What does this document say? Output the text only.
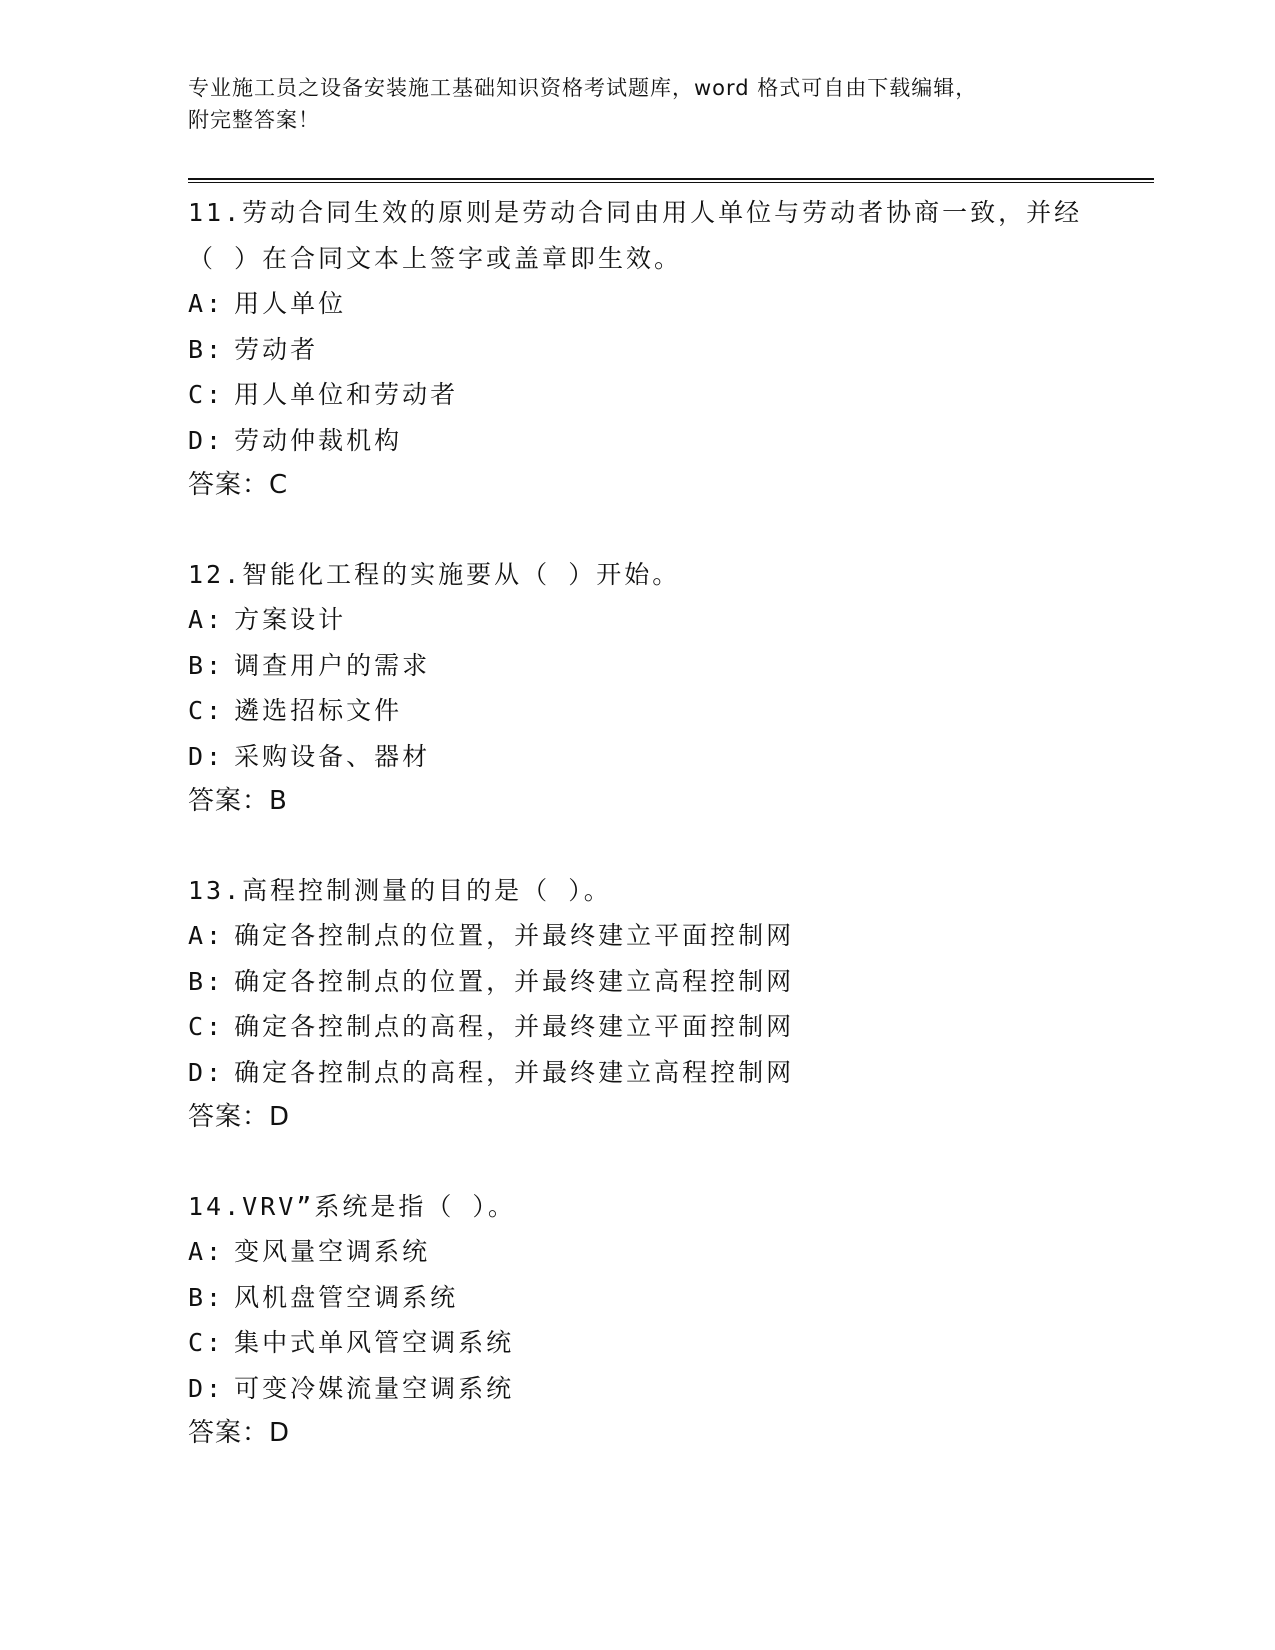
专业施工员之设备安装施工基础知识资格考试题库，word 格式可自由下载编辑，
附完整答案！
11.劳动合同生效的原则是劳动合同由用人单位与劳动者协商一致，并经（ ）在合同文本上签字或盖章即生效。
A: 用人单位
B: 劳动者
C: 用人单位和劳动者
D: 劳动仲裁机构
答案：C
12.智能化工程的实施要从（ ）开始。
A: 方案设计
B: 调查用户的需求
C: 遴选招标文件
D: 采购设备、器材
答案：B
13.高程控制测量的目的是（ ）。
A: 确定各控制点的位置，并最终建立平面控制网
B: 确定各控制点的位置，并最终建立高程控制网
C: 确定各控制点的高程，并最终建立平面控制网
D: 确定各控制点的高程，并最终建立高程控制网
答案：D
14.VRV”系统是指（ ）。
A: 变风量空调系统
B: 风机盘管空调系统
C: 集中式单风管空调系统
D: 可变冷媒流量空调系统
答案：D
